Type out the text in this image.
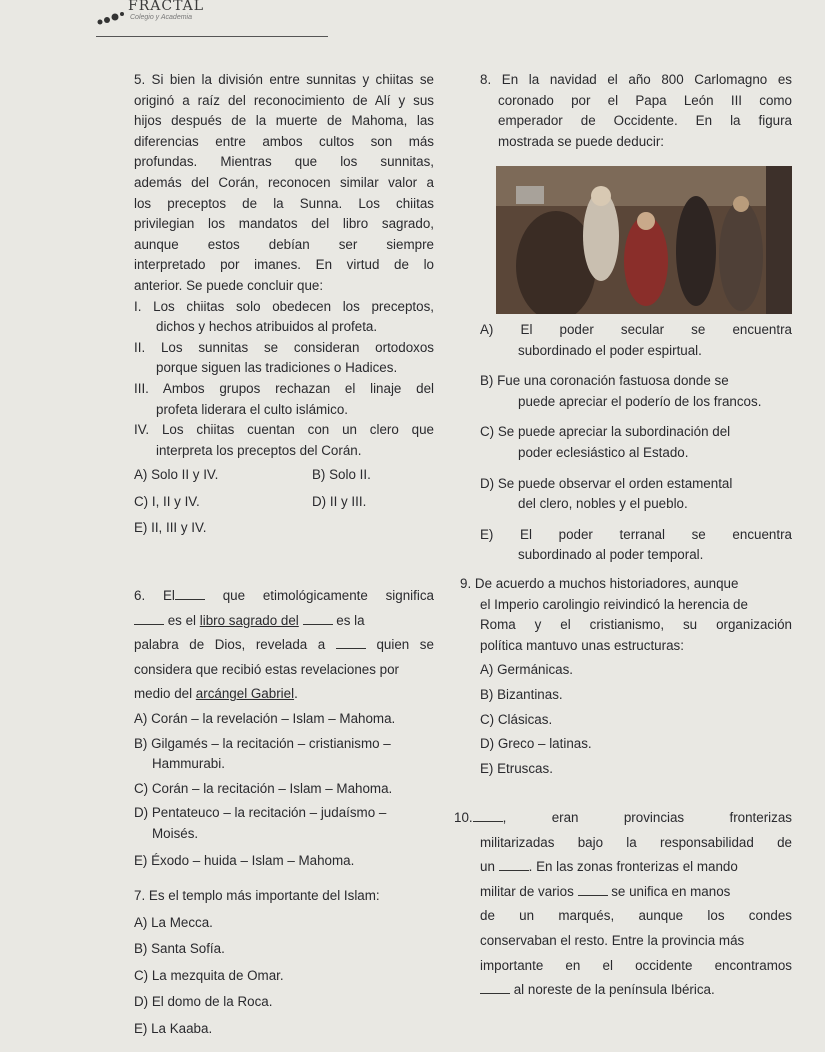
FRACTAL
Colegio y Academia

5. Si bien la división entre sunnitas y chiitas se

originó a raíz del reconocimiento de Alí y sus

hijos después de la muerte de Mahoma, las

diferencias entre ambos cultos son más

profundas. Mientras que los sunnitas,

además del Corán, reconocen similar valor a

los preceptos de la Sunna. Los chiitas

privilegian los mandatos del libro sagrado,

aunque estos debían ser siempre

interpretado por imanes. En virtud de lo

anterior. Se puede concluir que:

I. Los chiitas solo obedecen los preceptos,

dichos y hechos atribuidos al profeta.

II. Los sunnitas se consideran ortodoxos

porque siguen las tradiciones o Hadices.

III. Ambos grupos rechazan el linaje del

profeta liderara el culto islámico.

IV. Los chiitas cuentan con un clero que

interpreta los preceptos del Corán.

A) Solo II y IV.	B) Solo II.
C) I, II y IV.	D) II y III.
E) II, III y IV.

8. En la navidad el año 800 Carlomagno es

coronado por el Papa León III como

emperador de Occidente. En la figura

mostrada se puede deducir:

A) El poder secular se encuentra

subordinado el poder espirtual.

B) Fue una coronación fastuosa donde se

puede apreciar el poderío de los francos.

C) Se puede apreciar la subordinación del

poder eclesiástico al Estado.

D) Se puede observar el orden estamental

del clero, nobles y el pueblo.

E) El poder terranal se encuentra

subordinado al poder temporal.

6. El	que etimológicamente significa

es el libro sagrado del	es la

palabra de Dios, revelada a	quien se

considera que recibió estas revelaciones por

medio del arcángel Gabriel.

A) Corán – la revelación – Islam – Mahoma.

B) Gilgamés – la recitación – cristianismo –

Hammurabi.

C) Corán – la recitación – Islam – Mahoma.

D) Pentateuco – la recitación – judaísmo –

Moisés.

E) Éxodo – huida – Islam – Mahoma.

9. De acuerdo a muchos historiadores, aunque

el Imperio carolingio reivindicó la herencia de

Roma y el cristianismo, su organización

política mantuvo unas estructuras:

A) Germánicas.

B) Bizantinas.

C) Clásicas.

D) Greco – latinas.

E) Etruscas.

10. , eran provincias fronterizas

militarizadas bajo la responsabilidad de

un	. En las zonas fronterizas el mando

militar de varios	se unifica en manos

de un marqués, aunque los condes

conservaban el resto. Entre la provincia más

importante en el occidente encontramos

al noreste de la península Ibérica.

7. Es el templo más importante del Islam:

A) La Mecca.

B) Santa Sofía.

C) La mezquita de Omar.

D) El domo de la Roca.

E) La Kaaba.
